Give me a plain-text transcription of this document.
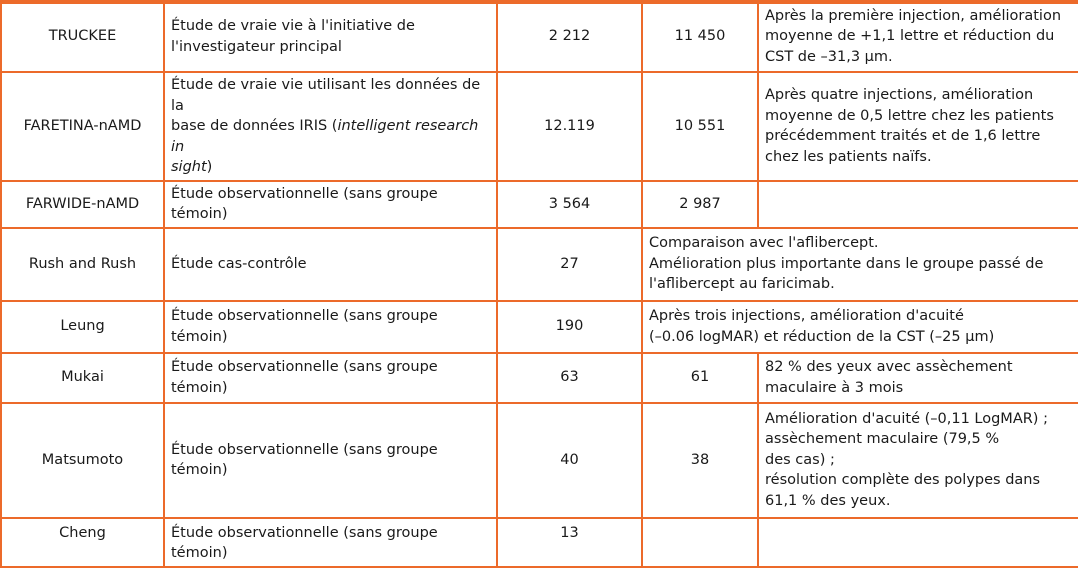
TRUCKEE	Étude de vraie vie à l'initiative de
l'investigateur principal	2 212	11 450	Après la première injection, amélioration
moyenne de +1,1 lettre et réduction du
CST de –31,3 µm.

FARETINA-nAMD	Étude de vraie vie utilisant les données de la
base de données IRIS (intelligent research in
sight)	12.119	10 551	Après quatre injections, amélioration
moyenne de 0,5 lettre chez les patients
précédemment traités et de 1,6 lettre
chez les patients naïfs.

FARWIDE-nAMD	Étude observationnelle (sans groupe témoin)	3 564	2 987	
Rush and Rush	Étude cas-contrôle	27	Comparaison avec l'aflibercept.
Amélioration plus importante dans le groupe passé de
l'aflibercept au faricimab.	

Leung	Étude observationnelle (sans groupe témoin)	190	Après trois injections, amélioration d'acuité
(–0.06 logMAR) et réduction de la CST (–25 µm)	

Mukai	Étude observationnelle (sans groupe témoin)	63	61	82 % des yeux avec assèchement
maculaire à 3 mois

Matsumoto	Étude observationnelle (sans groupe témoin)	40	38	Amélioration d'acuité (–0,11 LogMAR) ;
assèchement maculaire (79,5 %
des cas) ;
résolution complète des polypes dans
61,1 % des yeux.

Cheng	Étude observationnelle (sans groupe témoin)	13		
